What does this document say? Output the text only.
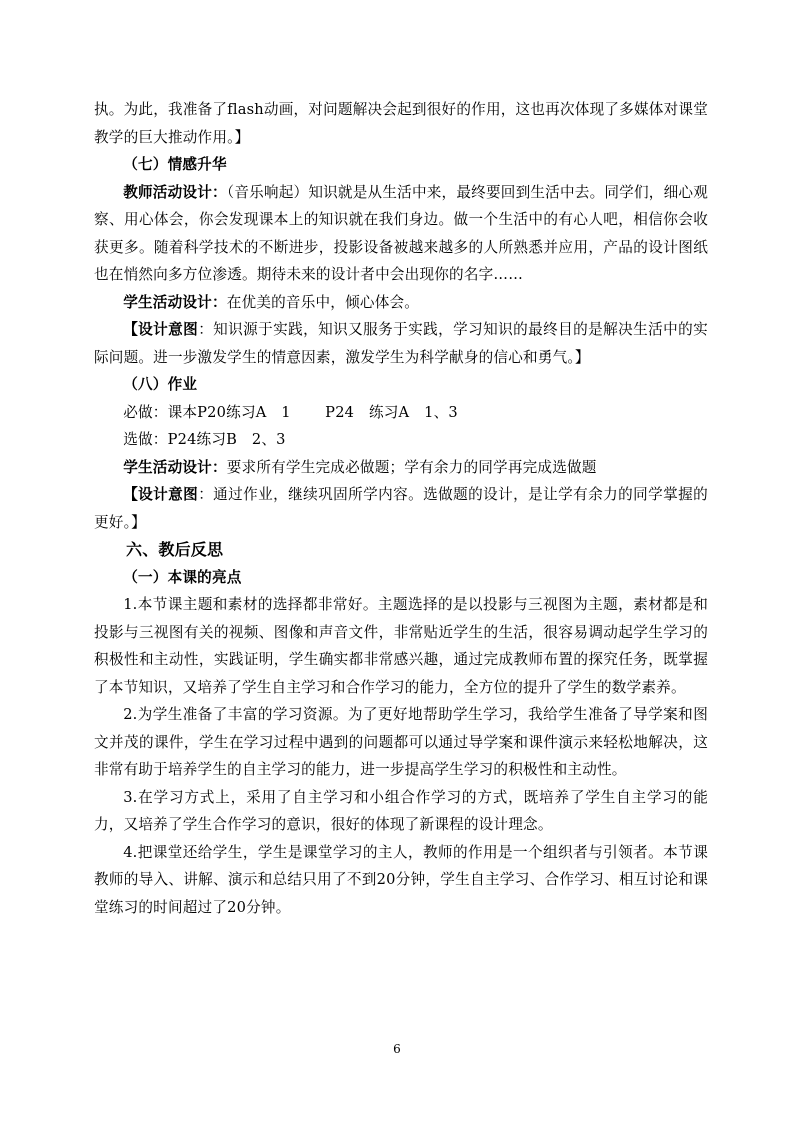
执。为此，我准备了flash动画，对问题解决会起到很好的作用，这也再次体现了多媒体对课堂教学的巨大推动作用。】

（七）情感升华

教师活动设计：（音乐响起）知识就是从生活中来，最终要回到生活中去。同学们，细心观察、用心体会，你会发现课本上的知识就在我们身边。做一个生活中的有心人吧，相信你会收获更多。随着科学技术的不断进步，投影设备被越来越多的人所熟悉并应用，产品的设计图纸也在悄然向多方位渗透。期待未来的设计者中会出现你的名字……

学生活动设计：在优美的音乐中，倾心体会。

【设计意图：知识源于实践，知识又服务于实践，学习知识的最终目的是解决生活中的实际问题。进一步激发学生的情意因素，激发学生为科学献身的信心和勇气。】

（八）作业

必做：课本P20练习A　1　　 P24　练习A　1、3

选做：P24练习B　2、3

学生活动设计：要求所有学生完成必做题；学有余力的同学再完成选做题

【设计意图：通过作业，继续巩固所学内容。选做题的设计，是让学有余力的同学掌握的更好。】

六、教后反思

（一）本课的亮点

1.本节课主题和素材的选择都非常好。主题选择的是以投影与三视图为主题，素材都是和投影与三视图有关的视频、图像和声音文件，非常贴近学生的生活，很容易调动起学生学习的积极性和主动性，实践证明，学生确实都非常感兴趣，通过完成教师布置的探究任务，既掌握了本节知识，又培养了学生自主学习和合作学习的能力，全方位的提升了学生的数学素养。

2.为学生准备了丰富的学习资源。为了更好地帮助学生学习，我给学生准备了导学案和图文并茂的课件，学生在学习过程中遇到的问题都可以通过导学案和课件演示来轻松地解决，这非常有助于培养学生的自主学习的能力，进一步提高学生学习的积极性和主动性。

3.在学习方式上，采用了自主学习和小组合作学习的方式，既培养了学生自主学习的能力，又培养了学生合作学习的意识，很好的体现了新课程的设计理念。

4.把课堂还给学生，学生是课堂学习的主人，教师的作用是一个组织者与引领者。本节课教师的导入、讲解、演示和总结只用了不到20分钟，学生自主学习、合作学习、相互讨论和课堂练习的时间超过了20分钟。

6
